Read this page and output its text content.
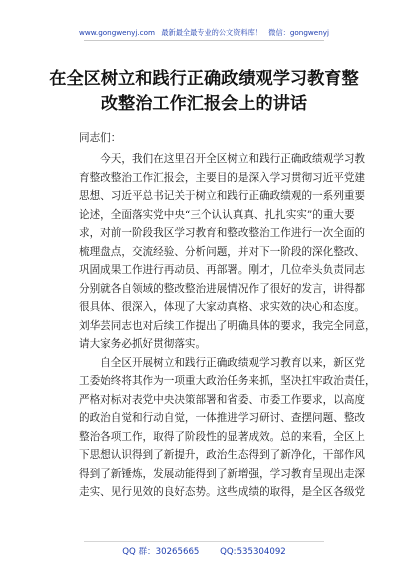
www.gongwenyj.com 最新最全最专业的公文资料库！ 微信：gongwenyj
在全区树立和践行正确政绩观学习教育整
改整治工作汇报会上的讲话
同志们：
　　今天，我们在这里召开全区树立和践行正确政绩观学习教
育整改整治工作汇报会，主要目的是深入学习贯彻习近平党建
思想、习近平总书记关于树立和践行正确政绩观的一系列重要
论述，全面落实党中央“三个认认真真、扎扎实实”的重大要
求，对前一阶段我区学习教育和整改整治工作进行一次全面的
梳理盘点，交流经验、分析问题，并对下一阶段的深化整改、
巩固成果工作进行再动员、再部署。刚才，几位牵头负责同志
分别就各自领域的整改整治进展情况作了很好的发言，讲得都
很具体、很深入，体现了大家动真格、求实效的决心和态度。
刘华芸同志也对后续工作提出了明确具体的要求，我完全同意，
请大家务必抓好贯彻落实。
　　自全区开展树立和践行正确政绩观学习教育以来，新区党
工委始终将其作为一项重大政治任务来抓，坚决扛牢政治责任，
严格对标对表党中央决策部署和省委、市委工作要求，以高度
的政治自觉和行动自觉，一体推进学习研讨、查摆问题、整改
整治各项工作，取得了阶段性的显著成效。总的来看，全区上
下思想认识得到了新提升，政治生态得到了新净化，干部作风
得到了新锤炼，发展动能得到了新增强，学习教育呈现出走深
走实、见行见效的良好态势。这些成绩的取得，是全区各级党
QQ 群：30265665 QQ:535304092
